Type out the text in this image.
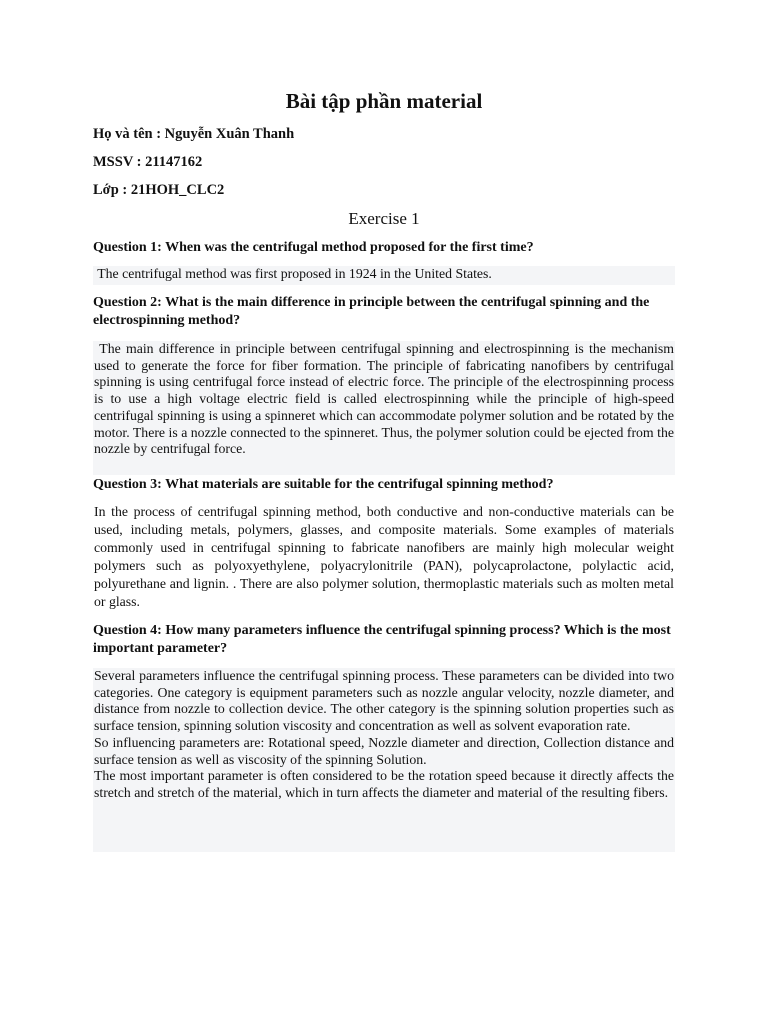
Bài tập phần material
Họ và tên : Nguyễn Xuân Thanh
MSSV : 21147162
Lớp : 21HOH_CLC2
Exercise 1
Question 1: When was the centrifugal method proposed for the first time?
The centrifugal method was first proposed in 1924 in the United States.
Question 2: What is the main difference in principle between the centrifugal spinning and the electrospinning method?
The main difference in principle between centrifugal spinning and electrospinning is the mechanism used to generate the force for fiber formation. The principle of fabricating nanofibers by centrifugal spinning is using centrifugal force instead of electric force. The principle of the electrospinning process is to use a high voltage electric field is called electrospinning while the principle of high-speed centrifugal spinning is using a spinneret which can accommodate polymer solution and be rotated by the motor. There is a nozzle connected to the spinneret. Thus, the polymer solution could be ejected from the nozzle by centrifugal force.
Question 3: What materials are suitable for the centrifugal spinning method?
In the process of centrifugal spinning method, both conductive and non-conductive materials can be used, including metals, polymers, glasses, and composite materials. Some examples of materials commonly used in centrifugal spinning to fabricate nanofibers are mainly high molecular weight polymers such as polyoxyethylene, polyacrylonitrile (PAN), polycaprolactone, polylactic acid, polyurethane and lignin. . There are also polymer solution, thermoplastic materials such as molten metal or glass.
Question 4: How many parameters influence the centrifugal spinning process? Which is the most important parameter?

Several parameters influence the centrifugal spinning process. These parameters can be divided into two categories. One category is equipment parameters such as nozzle angular velocity, nozzle diameter, and distance from nozzle to collection device. The other category is the spinning solution properties such as surface tension, spinning solution viscosity and concentration as well as solvent evaporation rate.

So influencing parameters are: Rotational speed, Nozzle diameter and direction, Collection distance and surface tension as well as viscosity of the spinning Solution.

The most important parameter is often considered to be the rotation speed because it directly affects the stretch and stretch of the material, which in turn affects the diameter and material of the resulting fibers.
